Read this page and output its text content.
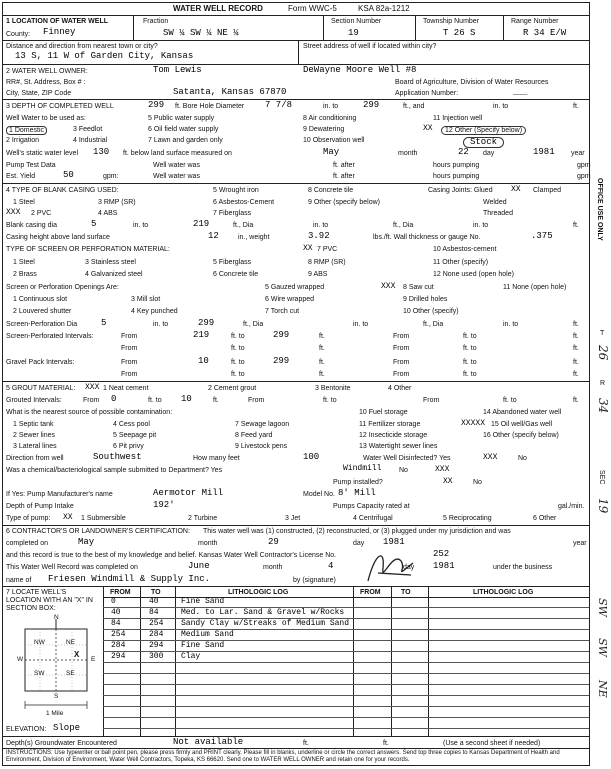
WATER WELL RECORD	Form WWC-5	KSA 82a-1212
1 LOCATION OF WATER WELL	Fraction	Section Number	Township Number	Range Number
County: Finney	SW ¼ SW ¼ NE ¼	19	T 26 S	R 34 E/W
Distance and direction from nearest town or city?
13 S, 11 W of Garden City, Kansas
Street address of well if located within city?
2 WATER WELL OWNER:	Tom Lewis	DeWayne Moore Well #8
RR#, St. Address, Box # :	Board of Agriculture, Division of Water Resources
City, State, ZIP Code	Satanta, Kansas 67870	Application Number:	___
3 DEPTH OF COMPLETED WELL	299 ft. Bore Hole Diameter 7 7/8	in. to	299	ft., and	in. to	ft.
Well Water to be used as:
1 Domestic
2 Irrigation
3 Feedlot
4 Industrial
5 Public water supply
6 Oil field water supply
7 Lawn and garden only
8 Air conditioning
9 Dewatering
10 Observation well
11 Injection well
XX	12 Other (Specify below)
Stock
Well's static water level 130 ft. below land surface measured on	May	month	22 day	1981 year
Pump Test Data	Well water was	ft. after	hours pumping	gpm
Est. Yield	50	gpm:	Well water was	ft. after	hours pumping	gpm
4 TYPE OF BLANK CASING USED:
1 Steel
XXX 2 PVC
3 RMP (SR)
4 ABS
5 Wrought iron
6 Asbestos-Cement
7 Fiberglass
8 Concrete tile
9 Other (specify below)
Casing Joints: Glued XX Clamped
Welded
Threaded
Blank casing dia	5	in. to	219	ft., Dia	in. to	ft., Dia	in. to	ft.
Casing height above land surface	12	in., weight	3.92	lbs./ft. Wall thickness or gauge No.	.375
TYPE OF SCREEN OR PERFORATION MATERIAL:
1 Steel
2 Brass
3 Stainless steel
4 Galvanized steel
5 Fiberglass
6 Concrete tile
XX 7 PVC
8 RMP (SR)
9 ABS
10 Asbestos-cement
11 Other (specify)
12 None used (open hole)
Screen or Perforation Openings Are:
1 Continuous slot
2 Louvered shutter
3 Mill slot
4 Key punched
5 Gauzed wrapped
6 Wire wrapped
7 Torch cut
XXX 8 Saw cut
9 Drilled holes
10 Other (specify)
11 None (open hole)
Screen-Perforation Dia	5	in. to	299	ft., Dia	in. to	ft., Dia	in. to	ft.
Screen-Perforated Intervals:	From	219	ft. to	299	ft.	From	ft. to	ft.
From	ft. to	ft.	From	ft. to	ft.
Gravel Pack Intervals:	From	10	ft. to	299	ft.	From	ft. to	ft.
From	ft. to	ft.	From	ft. to	ft.
5 GROUT MATERIAL: XXX 1 Neat cement	2 Cement grout	3 Bentonite	4 Other
Grouted Intervals:	From 0	ft. to 10	ft.	From	ft. to	From	ft. to	ft.
What is the nearest source of possible contamination:
1 Septic tank
2 Sewer lines
3 Lateral lines
4 Cess pool
5 Seepage pit
6 Pit privy
7 Sewage lagoon
8 Feed yard
9 Livestock pens
10 Fuel storage
11 Fertilizer storage
12 Insecticide storage
13 Watertight sewer lines
14 Abandoned water well
XXXXX 15 Oil well/Gas well
16 Other (specify below)
Direction from well	Southwest	How many feet	100	Water Well Disinfected? Yes	XXX	No
Was a chemical/bacteriological sample submitted to Department? Yes	Windmill	No	XXX
Pump installed?	XX	No
If Yes: Pump Manufacturer's name	Aermotor Mill	Model No. 8' Mill
Depth of Pump Intake	192'	Pumps Capacity rated at	gal./min.
Type of pump: XX 1 Submersible	2 Turbine	3 Jet	4 Centrifugal	5 Reciprocating	6 Other
6 CONTRACTOR'S OR LANDOWNER'S CERTIFICATION: This water well was (1) constructed, (2) reconstructed, or (3) plugged under my jurisdiction and was
completed on	May	month	29	day 1981	year
and this record is true to the best of my knowledge and belief. Kansas Water Well Contractor's License No.	252
This Water Well Record was completed on	June	month	4	day 1981	under the business
name of Friesen Windmill & Supply Inc.	by (signature)
7 LOCATE WELL'S LOCATION WITH AN "X" IN SECTION BOX:
FROM	TO	LITHOLOGIC LOG	FROM	TO	LITHOLOGIC LOG
N
S
W	E
NW	NE
SW	SE
X
1 Mile
ELEVATION: Slope
Depth(s) Groundwater Encountered	Not available	ft.	ft.	(Use a second sheet if needed)
INSTRUCTIONS: Use typewriter or ball point pen, please press firmly and PRINT clearly. Please fill in blanks, underline or circle the correct answers. Send top three copies to Kansas Department of Health and Environment, Division of Environment, Water Well Contractors, Topeka, KS 66620. Send one to WATER WELL OWNER and retain one for your records.
0	40	Fine Sand
40	84	Med. to Lar. Sand & Gravel w/Rocks
84	254 Sandy Clay w/Streaks of Medium Sand
254	284 Medium Sand
284	294 Fine Sand
294	300 Clay
OFFICE USE ONLY
T
26
R
34
SEC
19
SW
SW
NE
